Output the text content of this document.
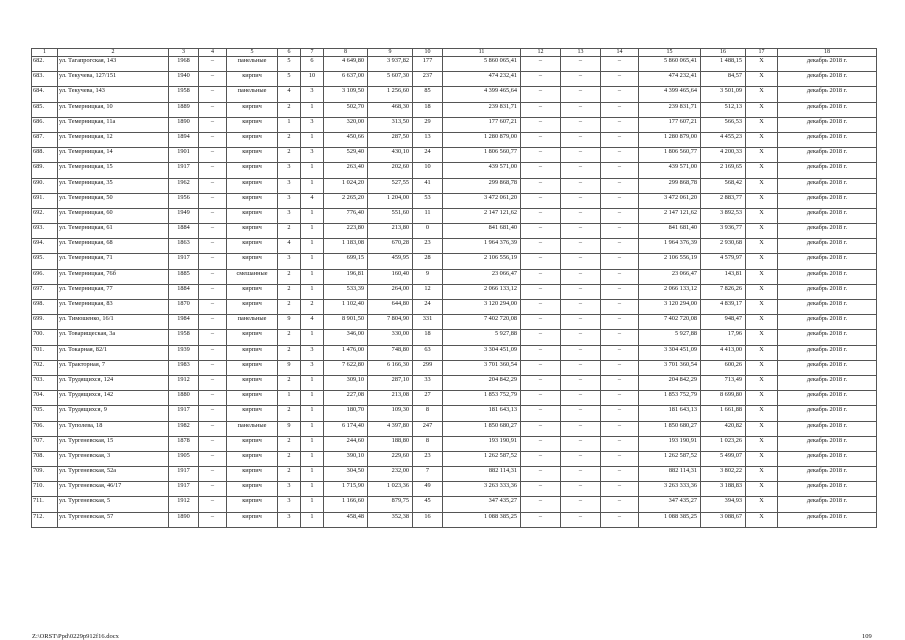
1	2	3	4	5	6	7	8	9	10	11	12	13	14	15	16	17	18
682.	ул. Тагапрогская, 143	1968	–	панельные	5	6	4 649,80	3 937,82	177	5 860 065,41	–	–	–	5 860 065,41	1 488,15	Х	декабрь 2018 г.
683.	ул. Текучева, 127/151	1940	–	кирпич	5	10	6 637,00	5 607,30	237	474 232,41	–	–	–	474 232,41	84,57	Х	декабрь 2018 г.
684.	ул. Текучева, 143	1958	–	панельные	4	3	3 109,50	1 256,60	85	4 399 465,64	–	–	–	4 399 465,64	3 501,09	Х	декабрь 2018 г.
685.	ул. Темерницкая, 10	1889	–	кирпич	2	1	502,70	468,30	18	239 831,71	–	–	–	239 831,71	512,13	Х	декабрь 2018 г.
686.	ул. Темерницкая, 11а	1890	–	кирпич	1	3	320,00	313,50	29	177 607,21	–	–	–	177 607,21	566,53	Х	декабрь 2018 г.
687.	ул. Темерницкая, 12	1894	–	кирпич	2	1	450,66	287,50	13	1 280 879,00	–	–	–	1 280 879,00	4 455,23	Х	декабрь 2018 г.
688.	ул. Темерницкая, 14	1901	–	кирпич	2	3	529,40	430,10	24	1 806 560,77	–	–	–	1 806 560,77	4 200,33	Х	декабрь 2018 г.
689.	ул. Темерницкая, 15	1917	–	кирпич	3	1	263,40	202,60	10	439 571,00	–	–	–	439 571,00	2 169,65	Х	декабрь 2018 г.
690.	ул. Темерницкая, 35	1962	–	кирпич	3	1	1 024,20	527,55	41	299 868,78	–	–	–	299 868,78	568,42	Х	декабрь 2018 г.
691.	ул. Темерницкая, 50	1956	–	кирпич	3	4	2 265,20	1 204,00	53	3 472 061,20	–	–	–	3 472 061,20	2 883,77	Х	декабрь 2018 г.
692.	ул. Темерницкая, 60	1949	–	кирпич	3	1	776,40	551,60	11	2 147 121,62	–	–	–	2 147 121,62	3 892,53	Х	декабрь 2018 г.
693.	ул. Темерницкая, 61	1884	–	кирпич	2	1	223,80	213,80	0	841 681,40	–	–	–	841 681,40	3 936,77	Х	декабрь 2018 г.
694.	ул. Темерницкая, 68	1863	–	кирпич	4	1	1 183,08	670,28	23	1 964 376,39	–	–	–	1 964 376,39	2 930,68	Х	декабрь 2018 г.
695.	ул. Темерницкая, 71	1917	–	кирпич	3	1	699,15	459,95	28	2 106 556,19	–	–	–	2 106 556,19	4 579,97	Х	декабрь 2018 г.
696.	ул. Темерницкая, 76б	1885	–	смешанные	2	1	196,81	160,40	9	23 066,47	–	–	–	23 066,47	143,81	Х	декабрь 2018 г.
697.	ул. Темерницкая, 77	1884	–	кирпич	2	1	533,39	264,00	12	2 066 133,12	–	–	–	2 066 133,12	7 826,26	Х	декабрь 2018 г.
698.	ул. Темерницкая, 83	1870	–	кирпич	2	2	1 102,40	644,80	24	3 120 294,00	–	–	–	3 120 294,00	4 839,17	Х	декабрь 2018 г.
699.	ул. Тимошенко, 16/1	1984	–	панельные	9	4	8 901,50	7 804,90	331	7 402 720,08	–	–	–	7 402 720,08	948,47	Х	декабрь 2018 г.
700.	ул. Товарищеская, 3а	1958	–	кирпич	2	1	346,00	330,00	18	5 927,88	–	–	–	5 927,88	17,96	Х	декабрь 2018 г.
701.	ул. Токарная, 82/1	1939	–	кирпич	2	3	1 476,00	748,80	63	3 304 451,09	–	–	–	3 304 451,09	4 413,00	Х	декабрь 2018 г.
702.	ул. Тракторная, 7	1983	–	кирпич	9	3	7 622,80	6 166,30	299	3 701 360,54	–	–	–	3 701 360,54	600,26	Х	декабрь 2018 г.
703.	ул. Трудящихся, 124	1912	–	кирпич	2	1	309,10	287,10	33	204 842,29	–	–	–	204 842,29	713,49	Х	декабрь 2018 г.
704.	ул. Трудящихся, 142	1880	–	кирпич	1	1	227,08	213,08	27	1 853 752,79	–	–	–	1 853 752,79	8 699,80	Х	декабрь 2018 г.
705.	ул. Трудящихся, 9	1917	–	кирпич	2	1	180,70	109,30	8	181 643,13	–	–	–	181 643,13	1 661,88	Х	декабрь 2018 г.
706.	ул. Туполева, 18	1982	–	панельные	9	1	6 174,40	4 397,80	247	1 850 680,27	–	–	–	1 850 680,27	420,82	Х	декабрь 2018 г.
707.	ул. Тургеневская, 15	1878	–	кирпич	2	1	244,60	188,80	8	193 190,91	–	–	–	193 190,91	1 023,26	Х	декабрь 2018 г.
708.	ул. Тургеневская, 3	1905	–	кирпич	2	1	390,10	229,60	23	1 262 587,52	–	–	–	1 262 587,52	5 499,07	Х	декабрь 2018 г.
709.	ул. Тургеневская, 52а	1917	–	кирпич	2	1	304,50	232,00	7	882 114,31	–	–	–	882 114,31	3 802,22	Х	декабрь 2018 г.
710.	ул. Тургеневская, 46/17	1917	–	кирпич	3	1	1 715,90	1 023,36	49	3 263 333,36	–	–	–	3 263 333,36	3 188,83	Х	декабрь 2018 г.
711.	ул. Тургеневская, 5	1912	–	кирпич	3	1	1 166,60	879,75	45	347 435,27	–	–	–	347 435,27	394,93	Х	декабрь 2018 г.
712.	ул. Тургеневская, 57	1890	–	кирпич	3	1	458,48	352,38	16	1 088 385,25	–	–	–	1 088 385,25	3 088,67	Х	декабрь 2018 г.
Z:\ORST\Ppd\0229p912f16.docx	109
